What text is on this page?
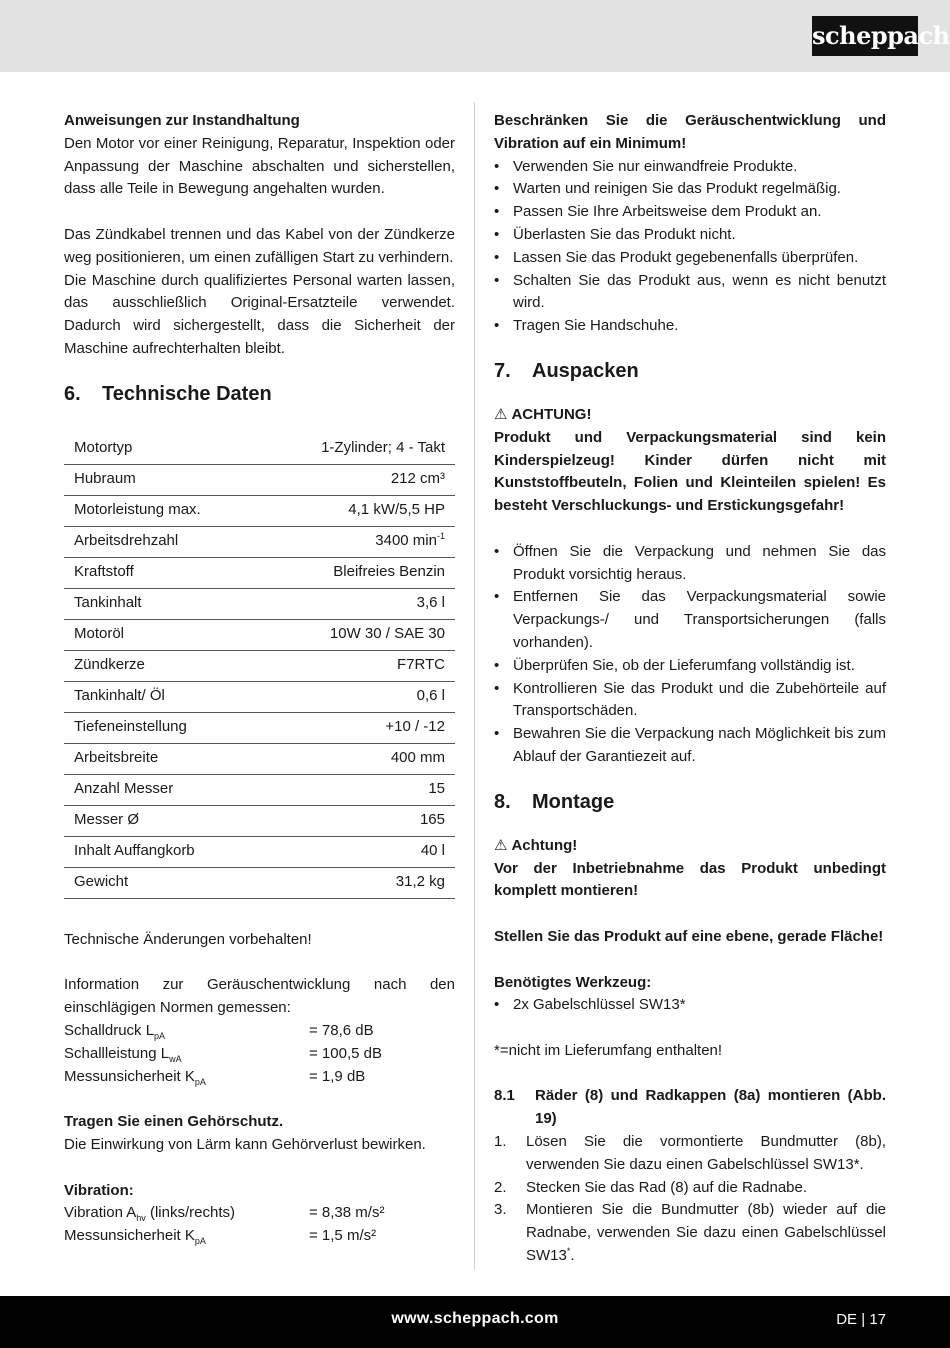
scheppach

Anweisungen zur Instandhaltung

Den Motor vor einer Reinigung, Reparatur, Inspektion oder Anpassung der Maschine abschalten und sicherstellen, dass alle Teile in Bewegung angehalten wurden.

Das Zündkabel trennen und das Kabel von der Zündkerze weg positionieren, um einen zufälligen Start zu verhindern.

Die Maschine durch qualifiziertes Personal warten lassen, das ausschließlich Original-Ersatzteile verwendet. Dadurch wird sichergestellt, dass die Sicherheit der Maschine aufrechterhalten bleibt.

6. Technische Daten
Motortyp	1-Zylinder; 4 - Takt
Hubraum	212 cm³
Motorleistung max.	4,1 kW/5,5 HP
Arbeitsdrehzahl	3400 $\min^{-1}$
Kraftstoff	Bleifreies Benzin
Tankinhalt	3,6 l
Motoröl	10W 30 / SAE 30
Zündkerze	F7RTC
Tankinhalt/ Öl	0,6 l
Tiefeneinstellung	+10 / -12
Arbeitsbreite	400 mm
Anzahl Messer	15
Messer Ø	165
Inhalt Auffangkorb	40 l
Gewicht	31,2 kg

Technische Änderungen vorbehalten!

Information zur Geräuschentwicklung nach den einschlägigen Normen gemessen:

Schalldruck $L_{pA}$	= 78,6 dB
Schallleistung $L_{wA}$	= 100,5 dB
Messunsicherheit $K_{pA}$	= 1,9 dB

Tragen Sie einen Gehörschutz.

Die Einwirkung von Lärm kann Gehörverlust bewirken.

Vibration:

Vibration $A_{hv}$ (links/rechts)	= 8,38 m/s²
Messunsicherheit $K_{pA}$	= 1,5 m/s²

Beschränken Sie die Geräuschentwicklung und Vibration auf ein Minimum!

• Verwenden Sie nur einwandfreie Produkte.
• Warten und reinigen Sie das Produkt regelmäßig.
• Passen Sie Ihre Arbeitsweise dem Produkt an.
• Überlasten Sie das Produkt nicht.
• Lassen Sie das Produkt gegebenenfalls überprüfen.
• Schalten Sie das Produkt aus, wenn es nicht benutzt wird.
• Tragen Sie Handschuhe.
7. Auspacken

⚠ ACHTUNG!

Produkt und Verpackungsmaterial sind kein Kinderspielzeug! Kinder dürfen nicht mit Kunststoffbeuteln, Folien und Kleinteilen spielen! Es besteht Verschluckungs- und Erstickungsgefahr!

• Öffnen Sie die Verpackung und nehmen Sie das Produkt vorsichtig heraus.
• Entfernen Sie das Verpackungsmaterial sowie Verpackungs-/ und Transportsicherungen (falls vorhanden).
• Überprüfen Sie, ob der Lieferumfang vollständig ist.
• Kontrollieren Sie das Produkt und die Zubehörteile auf Transportschäden.
• Bewahren Sie die Verpackung nach Möglichkeit bis zum Ablauf der Garantiezeit auf.
8. Montage

⚠ Achtung!

Vor der Inbetriebnahme das Produkt unbedingt komplett montieren!

Stellen Sie das Produkt auf eine ebene, gerade Fläche!

Benötigtes Werkzeug:

• 2x Gabelschlüssel SW13*

*=nicht im Lieferumfang enthalten!

8.1	Räder (8) und Radkappen (8a) montieren (Abb. 19)
1. Lösen Sie die vormontierte Bundmutter (8b), verwenden Sie dazu einen Gabelschlüssel SW13*.
2. Stecken Sie das Rad (8) auf die Radnabe.
3. Montieren Sie die Bundmutter (8b) wieder auf die Radnabe, verwenden Sie dazu einen Gabelschlüssel SW13*.
www.scheppach.com	DE | 17
